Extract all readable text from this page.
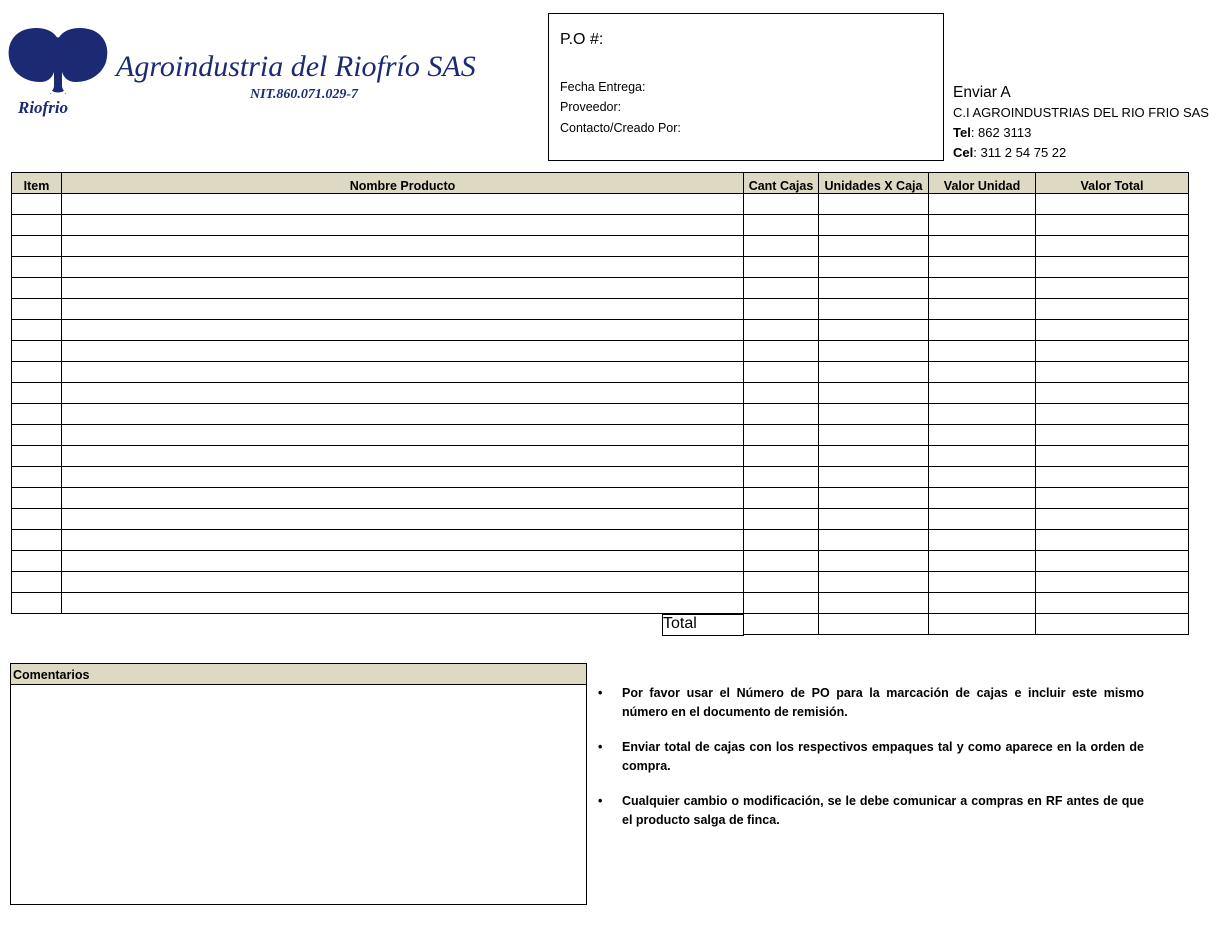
Riofrio
Agroindustria del Riofrío SAS
NIT.860.071.029-7
P.O #:
Fecha Entrega:
Proveedor:
Contacto/Creado Por:
Enviar A
C.I AGROINDUSTRIAS DEL RIO FRIO SAS
Tel: 862 3113
Cel: 311 2 54 75 22
Item	Nombre Producto	Cant Cajas	Unidades X Caja	Valor Unidad	Valor Total

	Total				

Comentarios
• Por favor usar el Número de PO para la marcación de cajas e incluir este mismo número en el documento de remisión.
• Enviar total de cajas con los respectivos empaques tal y como aparece en la orden de compra.
• Cualquier cambio o modificación, se le debe comunicar a compras en RF antes de que el producto salga de finca.
